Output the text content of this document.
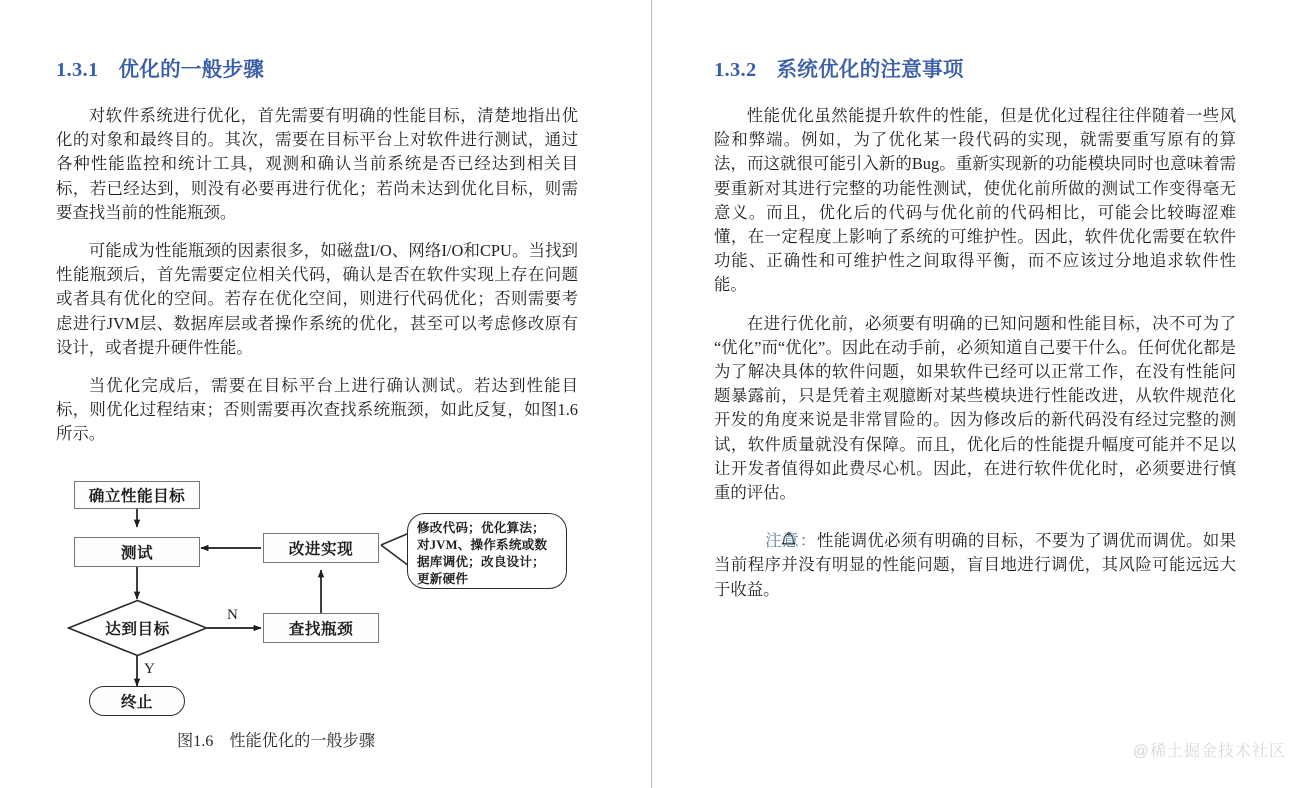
1.3.1 优化的一般步骤

对软件系统进行优化，首先需要有明确的性能目标，清楚地指出优化的对象和最终目的。其次，需要在目标平台上对软件进行测试，通过各种性能监控和统计工具，观测和确认当前系统是否已经达到相关目标，若已经达到，则没有必要再进行优化；若尚未达到优化目标，则需要查找当前的性能瓶颈。

可能成为性能瓶颈的因素很多，如磁盘I/O、网络I/O和CPU。当找到性能瓶颈后，首先需要定位相关代码，确认是否在软件实现上存在问题或者具有优化的空间。若存在优化空间，则进行代码优化；否则需要考虑进行JVM层、数据库层或者操作系统的优化，甚至可以考虑修改原有设计，或者提升硬件性能。

当优化完成后，需要在目标平台上进行确认测试。若达到性能目标，则优化过程结束；否则需要再次查找系统瓶颈，如此反复，如图1.6所示。

确立性能目标
测试
达到目标
终止
查找瓶颈
改进实现
修改代码；优化算法；
对JVM、操作系统或数
据库调优；改良设计；
更新硬件
N
Y
图1.6 性能优化的一般步骤
1.3.2 系统优化的注意事项

性能优化虽然能提升软件的性能，但是优化过程往往伴随着一些风险和弊端。例如，为了优化某一段代码的实现，就需要重写原有的算法，而这就很可能引入新的Bug。重新实现新的功能模块同时也意味着需要重新对其进行完整的功能性测试，使优化前所做的测试工作变得毫无意义。而且，优化后的代码与优化前的代码相比，可能会比较晦涩难懂，在一定程度上影响了系统的可维护性。因此，软件优化需要在软件功能、正确性和可维护性之间取得平衡，而不应该过分地追求软件性能。

在进行优化前，必须要有明确的已知问题和性能目标，决不可为了“优化”而“优化”。因此在动手前，必须知道自己要干什么。任何优化都是为了解决具体的软件问题，如果软件已经可以正常工作，在没有性能问题暴露前，只是凭着主观臆断对某些模块进行性能改进，从软件规范化开发的角度来说是非常冒险的。因为修改后的新代码没有经过完整的测试，软件质量就没有保障。而且，优化后的性能提升幅度可能并不足以让开发者值得如此费尽心机。因此，在进行软件优化时，必须要进行慎重的评估。

注意：性能调优必须有明确的目标，不要为了调优而调优。如果当前程序并没有明显的性能问题，盲目地进行调优，其风险可能远远大于收益。

@稀土掘金技术社区
